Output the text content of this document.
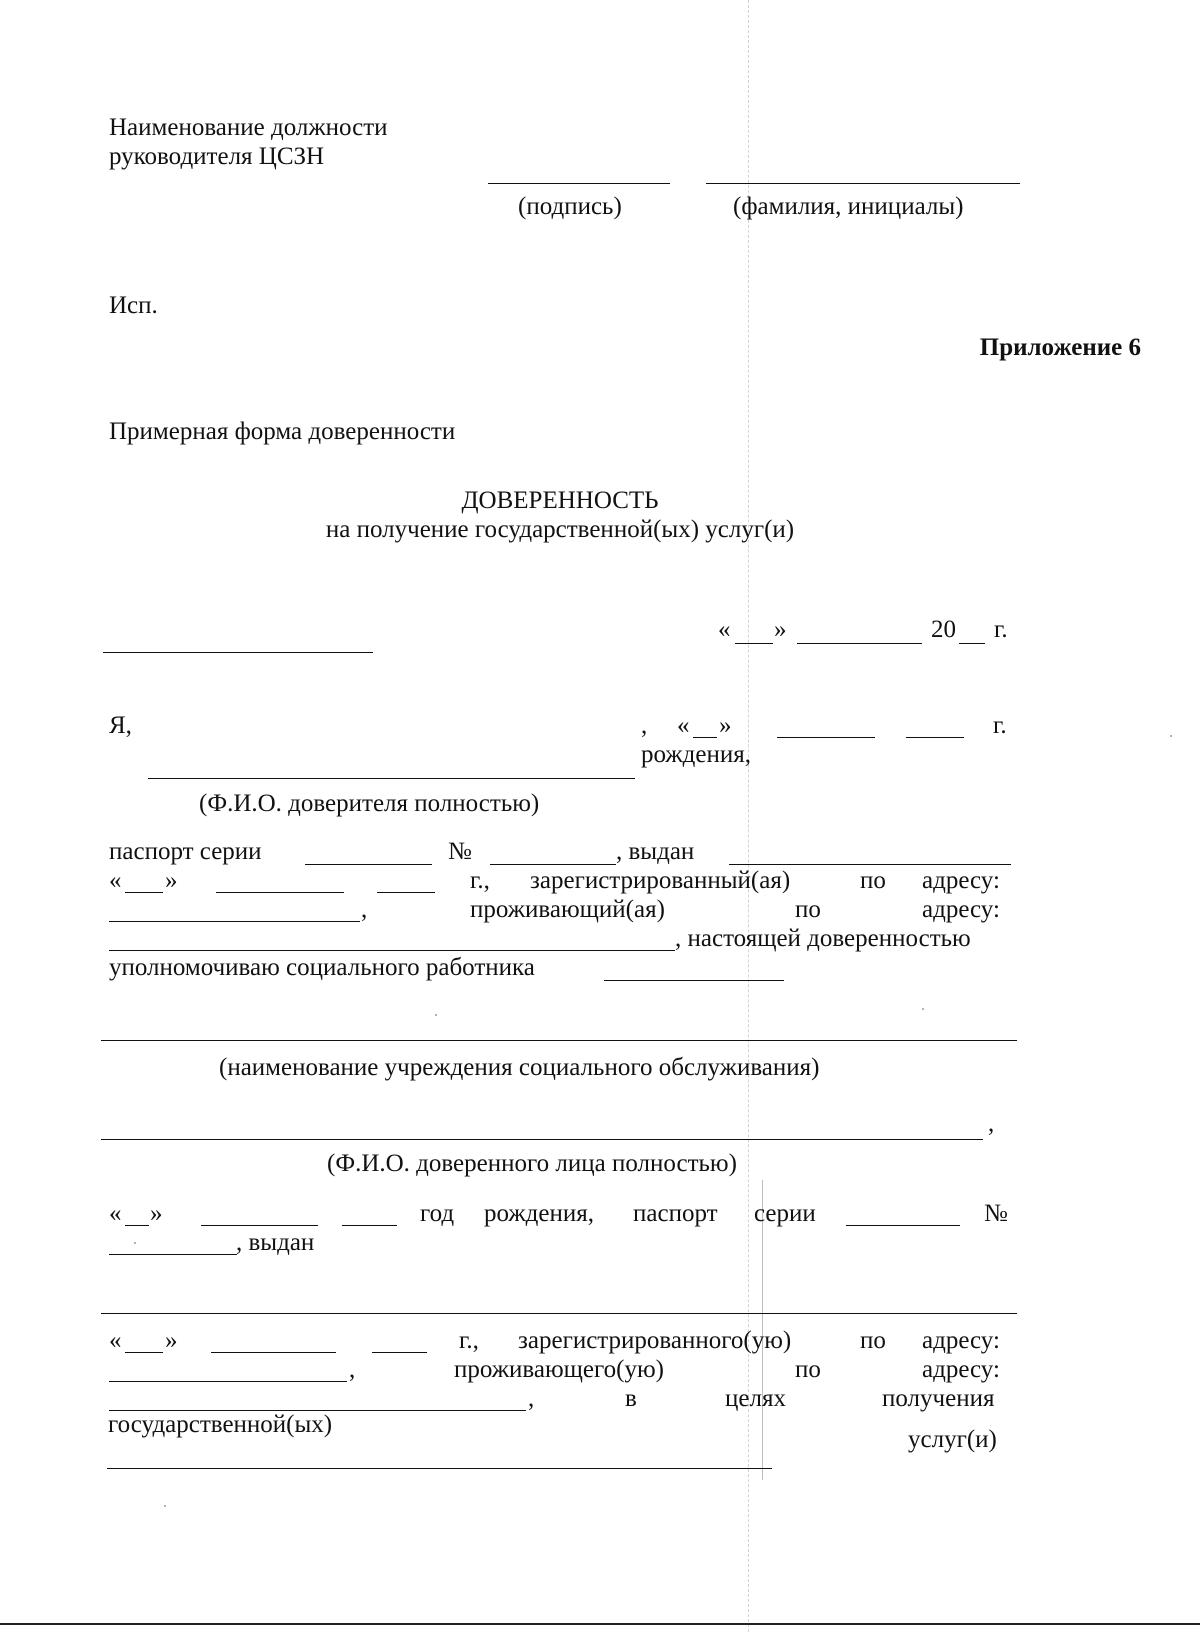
Наименование должности
руководителя ЦСЗН
(подпись)	(фамилия, инициалы)
Исп.
Приложение 6
Примерная форма доверенности
ДОВЕРЕННОСТЬ
на получение государственной(ых) услуг(и)
« »	20 г.
Я,	, « »	г.
рождения,
(Ф.И.О. доверителя полностью)
паспорт серии	№	, выдан
« »	г., зарегистрированный(ая)	по адресу:
,	проживающий(ая)	по	адресу:
, настоящей доверенностью
уполномочиваю социального работника
(наименование учреждения социального обслуживания)
,
(Ф.И.О. доверенного лица полностью)
« »	год рождения, паспорт серии	№
, выдан
« »	г., зарегистрированного(ую)	по адресу:
,	проживающего(ую)	по	адресу:
,	в	целях	получения
государственной(ых)
услуг(и)
